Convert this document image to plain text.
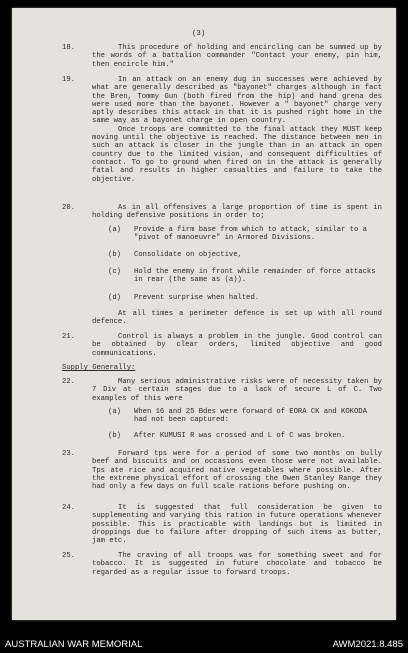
(3)
18.	This procedure of holding and encircling can be summed up by the words of a battalion commander "Contact your enemy, pin him, then encircle him."

19.	In an attack on an enemy dug in successes were achieved by what are generally described as "bayonet" charges although in fact the Bren, Tommy Gun (both fired from the hip) and hand grena des were used more than the bayonet. However a " bayonet" charge very aptly describes this attack in that it is pushed right home in the same way as a bayonet charge in open country.

Once troops are committed to the final attack they MUST keep moving until the objective is reached. The distance between men in such an attack is closer in the jungle than in an attack in open country due to the limited vision, and consequent difficulties of contact. To go to ground when fired on in the attack is generally fatal and results in higher casualties and failure to take the objective.

20.	As in all offensives a large proportion of time is spent in holding defensive positions in order to;

(a) Provide a firm base from which to attack, similar to a "pivot of manoeuvre" in Armored Divisions.
(b) Consolidate on objective,
(c) Hold the enemy in front while remainder of force attacks in rear (the same as (a)).
(d) Prevent surprise when halted.

At all times a perimeter defence is set up with all round defence.

21.	Control is always a problem in the jungle. Good control can be obtained by clear orders, limited objective and good communications.

Supply Generally:
22.	Many serious administrative risks were of necessity taken by 7 Div at certain stages due to a lack of secure L of C. Two examples of this were

(a) When 16 and 25 Bdes were forward of EORA CK and KOKODA had not been captured:
(b) After KUMUSI R was crossed and L of C was broken.
23.	Forward tps were for a period of some two months on bully beef and biscuits and on occasions even those were not available. Tps ate rice and acquired native vegetables where possible. After the extreme physical effort of crossing the Owen Stanley Range they had only a few days on full scale rations before pushing on.

24.	It is suggested that full consideration be given to supplementing and varying this ration in future operations whenever possible. This is practicable with landings but is limited in droppings due to failure after dropping of such items as butter, jam etc.

25.	The craving of all troops was for something sweet and for tobacco. It is suggested in future chocolate and tobacco be regarded as a regular issue to forward troops.

AUSTRALIAN WAR MEMORIAL	AWM2021.8.485
